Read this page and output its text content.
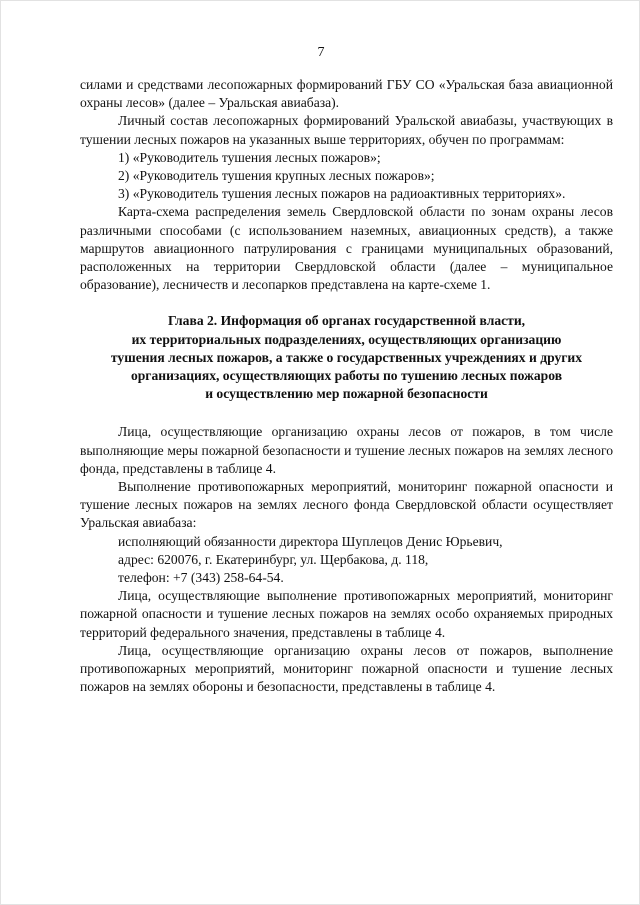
7

силами и средствами лесопожарных формирований ГБУ СО «Уральская база авиационной охраны лесов» (далее – Уральская авиабаза).

Личный состав лесопожарных формирований Уральской авиабазы, участвующих в тушении лесных пожаров на указанных выше территориях, обучен по программам:

1) «Руководитель тушения лесных пожаров»;

2) «Руководитель тушения крупных лесных пожаров»;

3) «Руководитель тушения лесных пожаров на радиоактивных территориях».

Карта-схема распределения земель Свердловской области по зонам охраны лесов различными способами (с использованием наземных, авиационных средств), а также маршрутов авиационного патрулирования с границами муниципальных образований, расположенных на территории Свердловской области (далее – муниципальное образование), лесничеств и лесопарков представлена на карте-схеме 1.

Глава 2. Информация об органах государственной власти,
их территориальных подразделениях, осуществляющих организацию
тушения лесных пожаров, а также о государственных учреждениях и других
организациях, осуществляющих работы по тушению лесных пожаров
и осуществлению мер пожарной безопасности

Лица, осуществляющие организацию охраны лесов от пожаров, в том числе выполняющие меры пожарной безопасности и тушение лесных пожаров на землях лесного фонда, представлены в таблице 4.

Выполнение противопожарных мероприятий, мониторинг пожарной опасности и тушение лесных пожаров на землях лесного фонда Свердловской области осуществляет Уральская авиабаза:

исполняющий обязанности директора Шуплецов Денис Юрьевич,

адрес: 620076, г. Екатеринбург, ул. Щербакова, д. 118,

телефон: +7 (343) 258-64-54.

Лица, осуществляющие выполнение противопожарных мероприятий, мониторинг пожарной опасности и тушение лесных пожаров на землях особо охраняемых природных территорий федерального значения, представлены в таблице 4.

Лица, осуществляющие организацию охраны лесов от пожаров, выполнение противопожарных мероприятий, мониторинг пожарной опасности и тушение лесных пожаров на землях обороны и безопасности, представлены в таблице 4.
